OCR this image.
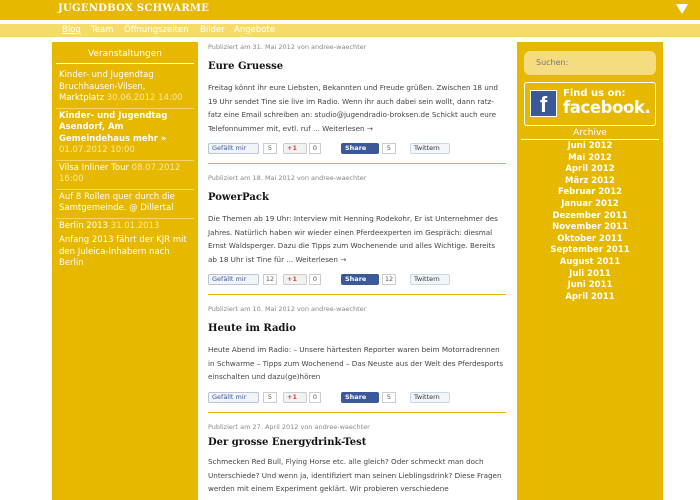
JUGENDBOX SCHWARME
Blog Team Öffnungszeiten Bilder Angebote
Veranstaltungen
Kinder- und Jugendtag Bruchhausen-Vilsen, Marktplatz 30.06.2012 14:00
Kinder- und Jugendtag Asendorf, Am Gemeindehaus mehr » 01.07.2012 10:00
Vilsa Inliner Tour 08.07.2012 16:00
Auf 8 Rollen quer durch die Samtgemeinde. @ Dillertal
Berlin 2013 31.01.2013
Anfang 2013 fährt der KJR mit den Juleica-Inhabern nach Berlin
Publiziert am 31. Mai 2012 von andree-waechter
Eure Gruesse
Freitag könnt ihr eure Liebsten, Bekannten und Freude grüßen. Zwischen 18 und 19 Uhr sendet Tine sie live im Radio. Wenn ihr auch dabei sein wollt, dann ratz-fatz eine Email schreiben an: studio@jugendradio-broksen.de Schickt auch eure Telefonnummer mit, evtl. ruf ... Weiterlesen →
Gefällt mir	5	+1	0	Share	5	Twittern
Publiziert am 18. Mai 2012 von andree-waechter
PowerPack
Die Themen ab 19 Uhr: Interview mit Henning Rodekohr, Er ist Unternehmer des Jahres. Natürlich haben wir wieder einen Pferdeexperten im Gespräch: diesmal Ernst Waldsperger. Dazu die Tipps zum Wochenende und alles Wichtige. Bereits ab 18 Uhr ist Tine für ... Weiterlesen →
Gefällt mir	12	+1	0	Share	12	Twittern
Publiziert am 10. Mai 2012 von andree-waechter
Heute im Radio
Heute Abend im Radio: – Unsere härtesten Reporter waren beim Motorradrennen in Schwarme – Tipps zum Wochenend – Das Neuste aus der Welt des Pferdesports einschalten und dazu(ge)hören
Gefällt mir	5	+1	0	Share	5	Twittern
Publiziert am 27. April 2012 von andree-waechter
Der grosse Energydrink-Test
Schmecken Red Bull, Flying Horse etc. alle gleich? Oder schmeckt man doch Unterschiede? Und wenn ja, identifiziert man seinen Lieblingsdrink? Diese Fragen werden mit einem Experiment geklärt. Wir probieren verschiedene
Suchen:
f	Find us on:
facebook.
Archive
Juni 2012
Mai 2012
April 2012
März 2012
Februar 2012
Januar 2012
Dezember 2011
November 2011
Oktober 2011
September 2011
August 2011
Juli 2011
Juni 2011
April 2011
